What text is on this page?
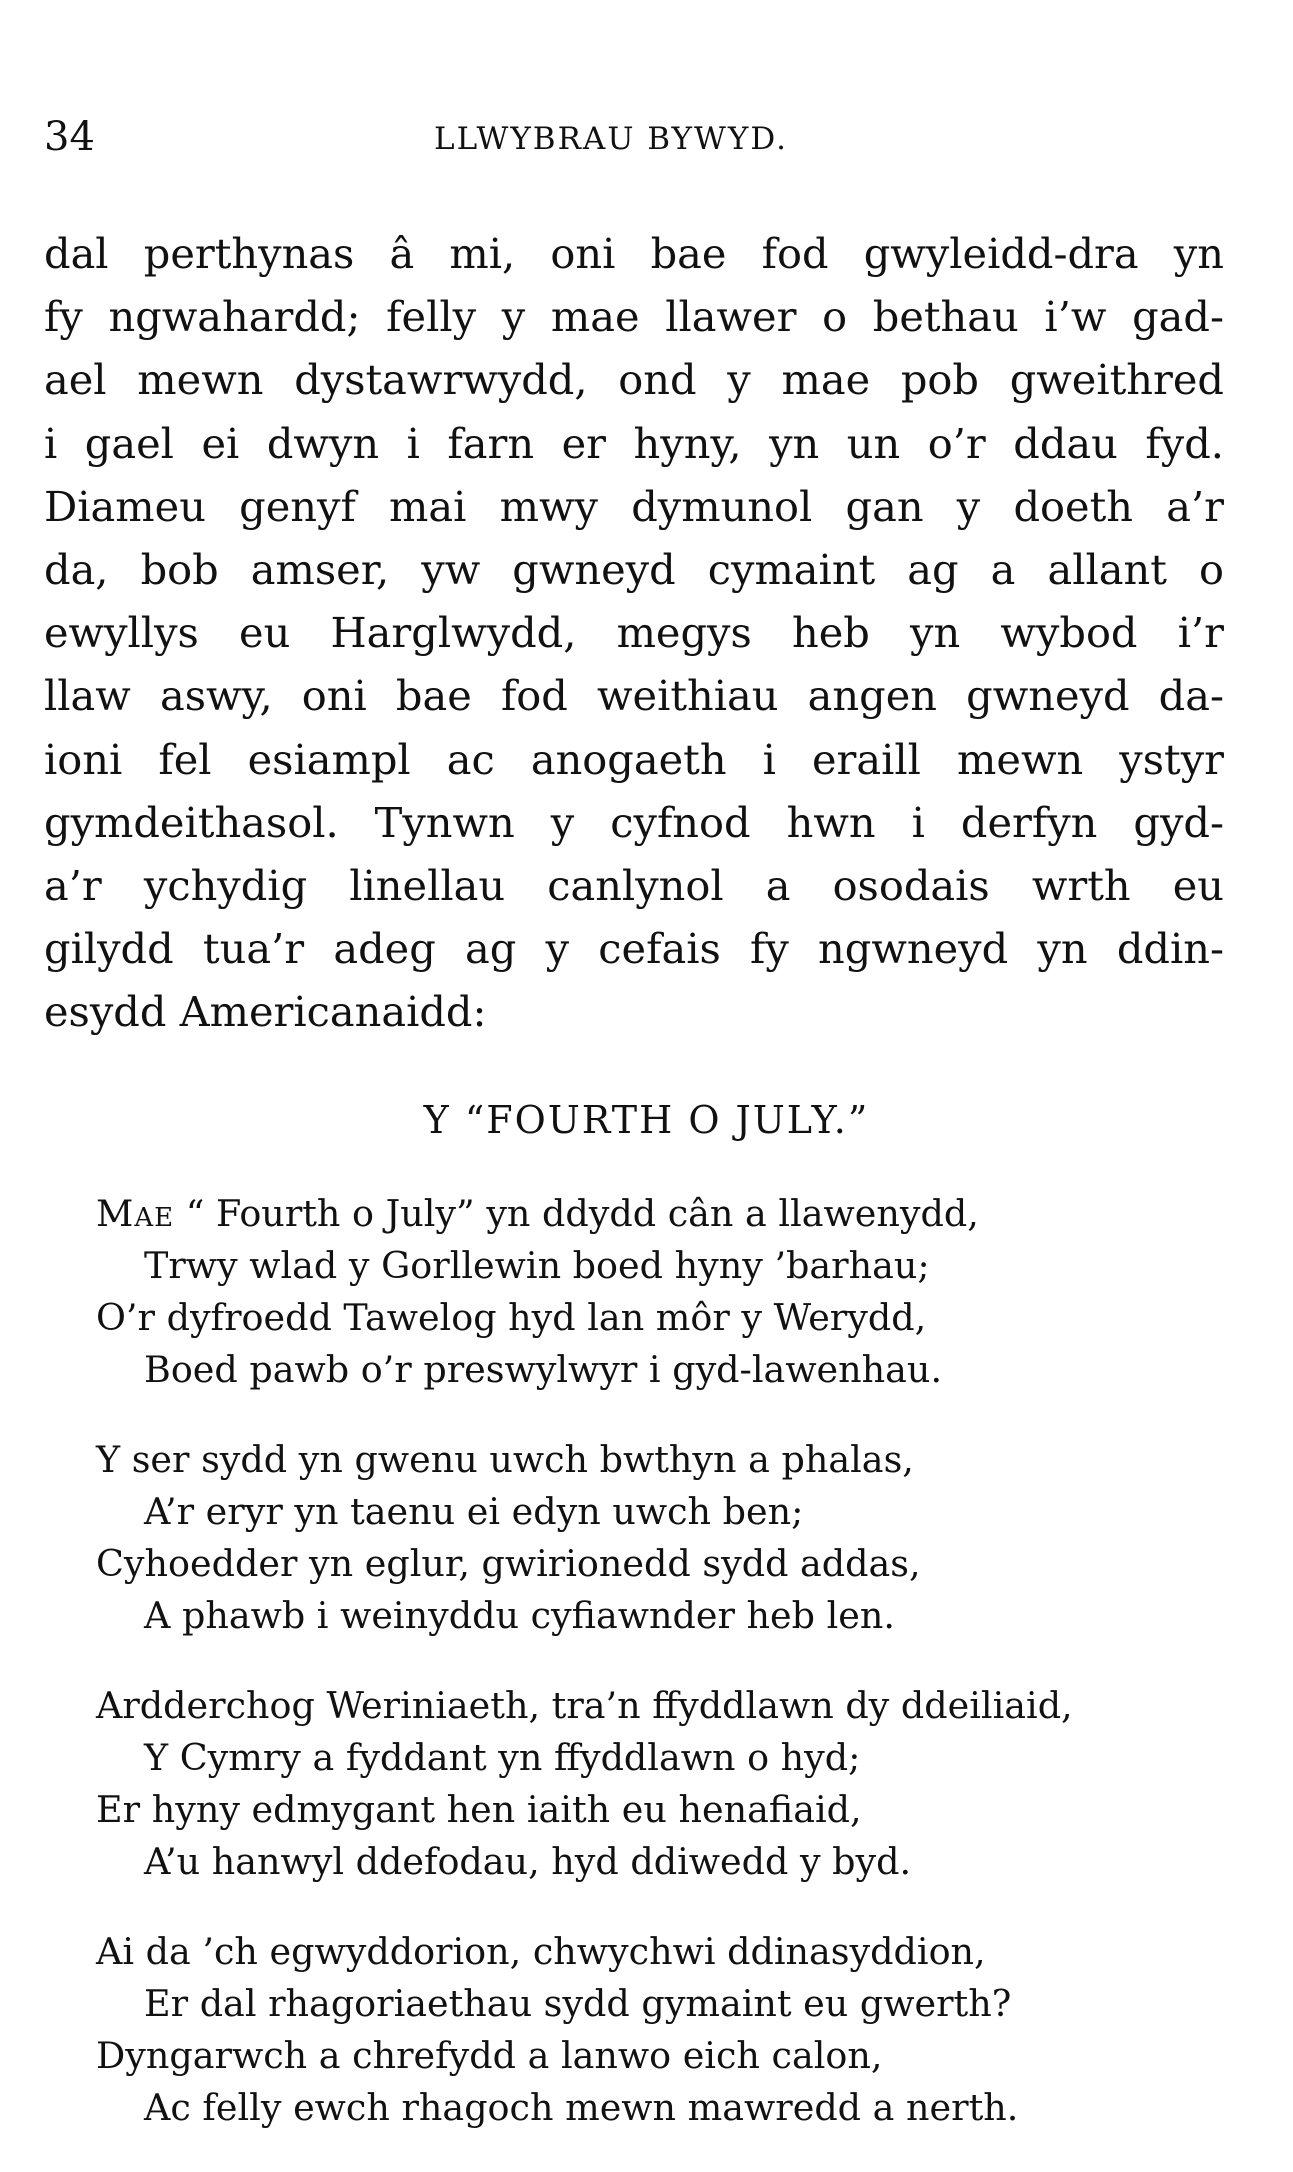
34	LLWYBRAU BYWYD.
dal perthynas â mi, oni bae fod gwyleidd-dra yn
fy ngwahardd; felly y mae llawer o bethau i’w gad-
ael mewn dystawrwydd, ond y mae pob gweithred
i gael ei dwyn i farn er hyny, yn un o’r ddau fyd.
Diameu genyf mai mwy dymunol gan y doeth a’r
da, bob amser, yw gwneyd cymaint ag a allant o
ewyllys eu Harglwydd, megys heb yn wybod i’r
llaw aswy, oni bae fod weithiau angen gwneyd da-
ioni fel esiampl ac anogaeth i eraill mewn ystyr
gymdeithasol. Tynwn y cyfnod hwn i derfyn gyd-
a’r ychydig linellau canlynol a osodais wrth eu
gilydd tua’r adeg ag y cefais fy ngwneyd yn ddin-
esydd Americanaidd:
Y “FOURTH O JULY.”
Mae “ Fourth o July” yn ddydd cân a llawenydd,
Trwy wlad y Gorllewin boed hyny ’barhau;
O’r dyfroedd Tawelog hyd lan môr y Werydd,
Boed pawb o’r preswylwyr i gyd-lawenhau.
Y ser sydd yn gwenu uwch bwthyn a phalas,
A’r eryr yn taenu ei edyn uwch ben;
Cyhoedder yn eglur, gwirionedd sydd addas,
A phawb i weinyddu cyfiawnder heb len.
Ardderchog Weriniaeth, tra’n ffyddlawn dy ddeiliaid,
Y Cymry a fyddant yn ffyddlawn o hyd;
Er hyny edmygant hen iaith eu henafiaid,
A’u hanwyl ddefodau, hyd ddiwedd y byd.
Ai da ’ch egwyddorion, chwychwi ddinasyddion,
Er dal rhagoriaethau sydd gymaint eu gwerth?
Dyngarwch a chrefydd a lanwo eich calon,
Ac felly ewch rhagoch mewn mawredd a nerth.
